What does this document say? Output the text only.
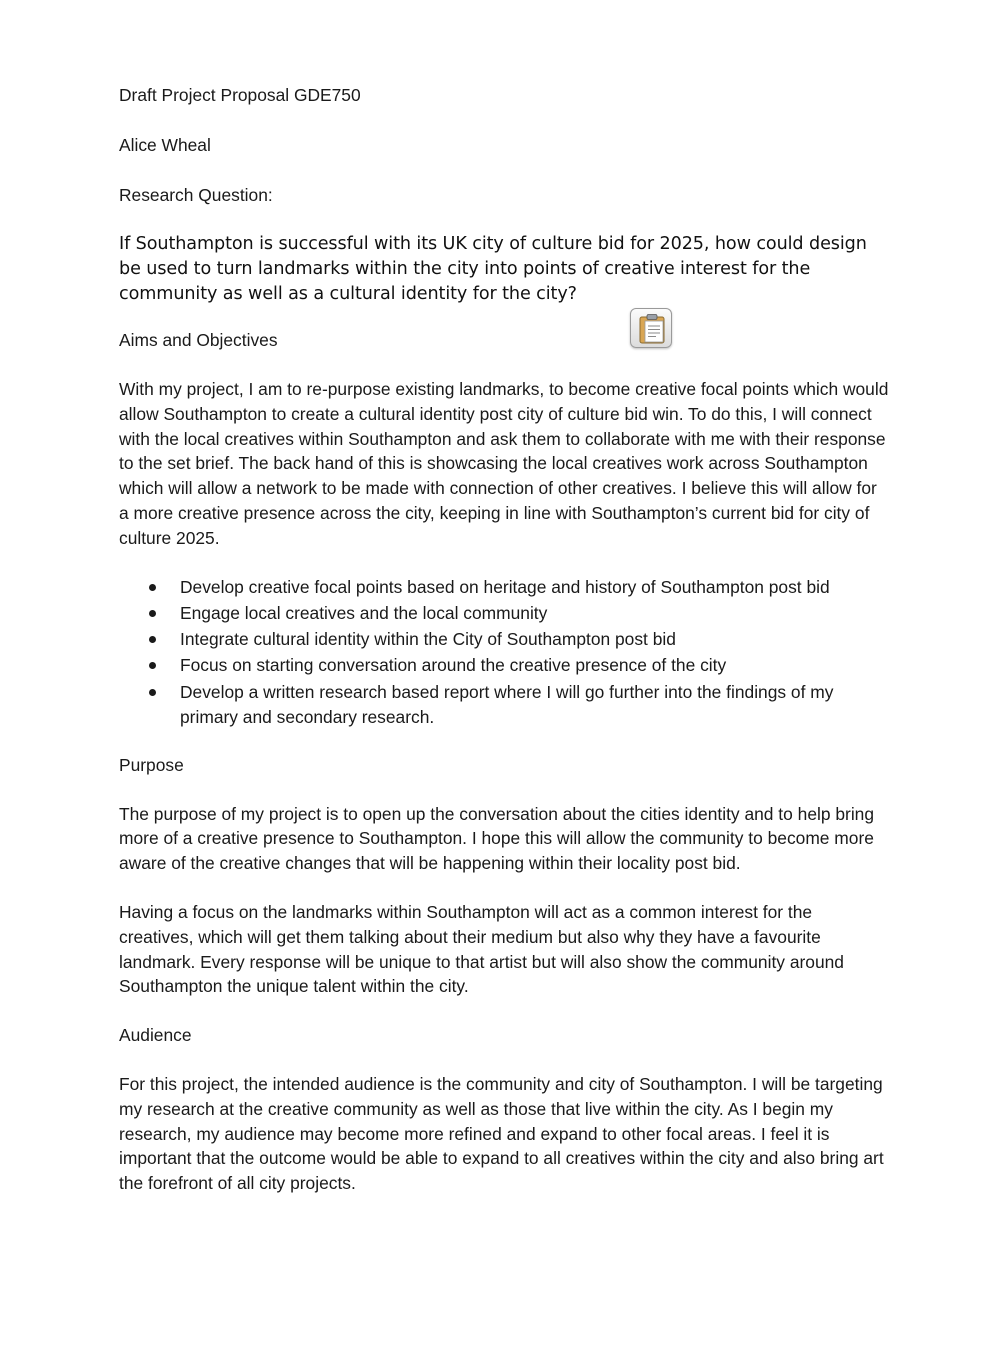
Draft Project Proposal GDE750

Alice Wheal

Research Question:

If Southampton is successful with its UK city of culture bid for 2025, how could design be used to turn landmarks within the city into points of creative interest for the community as well as a cultural identity for the city?

Aims and Objectives

With my project, I am to re-purpose existing landmarks, to become creative focal points which would allow Southampton to create a cultural identity post city of culture bid win. To do this, I will connect with the local creatives within Southampton and ask them to collaborate with me with their response to the set brief. The back hand of this is showcasing the local creatives work across Southampton which will allow a network to be made with connection of other creatives. I believe this will allow for a more creative presence across the city, keeping in line with Southampton’s current bid for city of culture 2025.

Develop creative focal points based on heritage and history of Southampton post bid
Engage local creatives and the local community
Integrate cultural identity within the City of Southampton post bid
Focus on starting conversation around the creative presence of the city
Develop a written research based report where I will go further into the findings of my primary and secondary research.

Purpose

The purpose of my project is to open up the conversation about the cities identity and to help bring more of a creative presence to Southampton. I hope this will allow the community to become more aware of the creative changes that will be happening within their locality post bid.

Having a focus on the landmarks within Southampton will act as a common interest for the creatives, which will get them talking about their medium but also why they have a favourite landmark. Every response will be unique to that artist but will also show the community around Southampton the unique talent within the city.

Audience

For this project, the intended audience is the community and city of Southampton. I will be targeting my research at the creative community as well as those that live within the city. As I begin my research, my audience may become more refined and expand to other focal areas. I feel it is important that the outcome would be able to expand to all creatives within the city and also bring art the forefront of all city projects.
